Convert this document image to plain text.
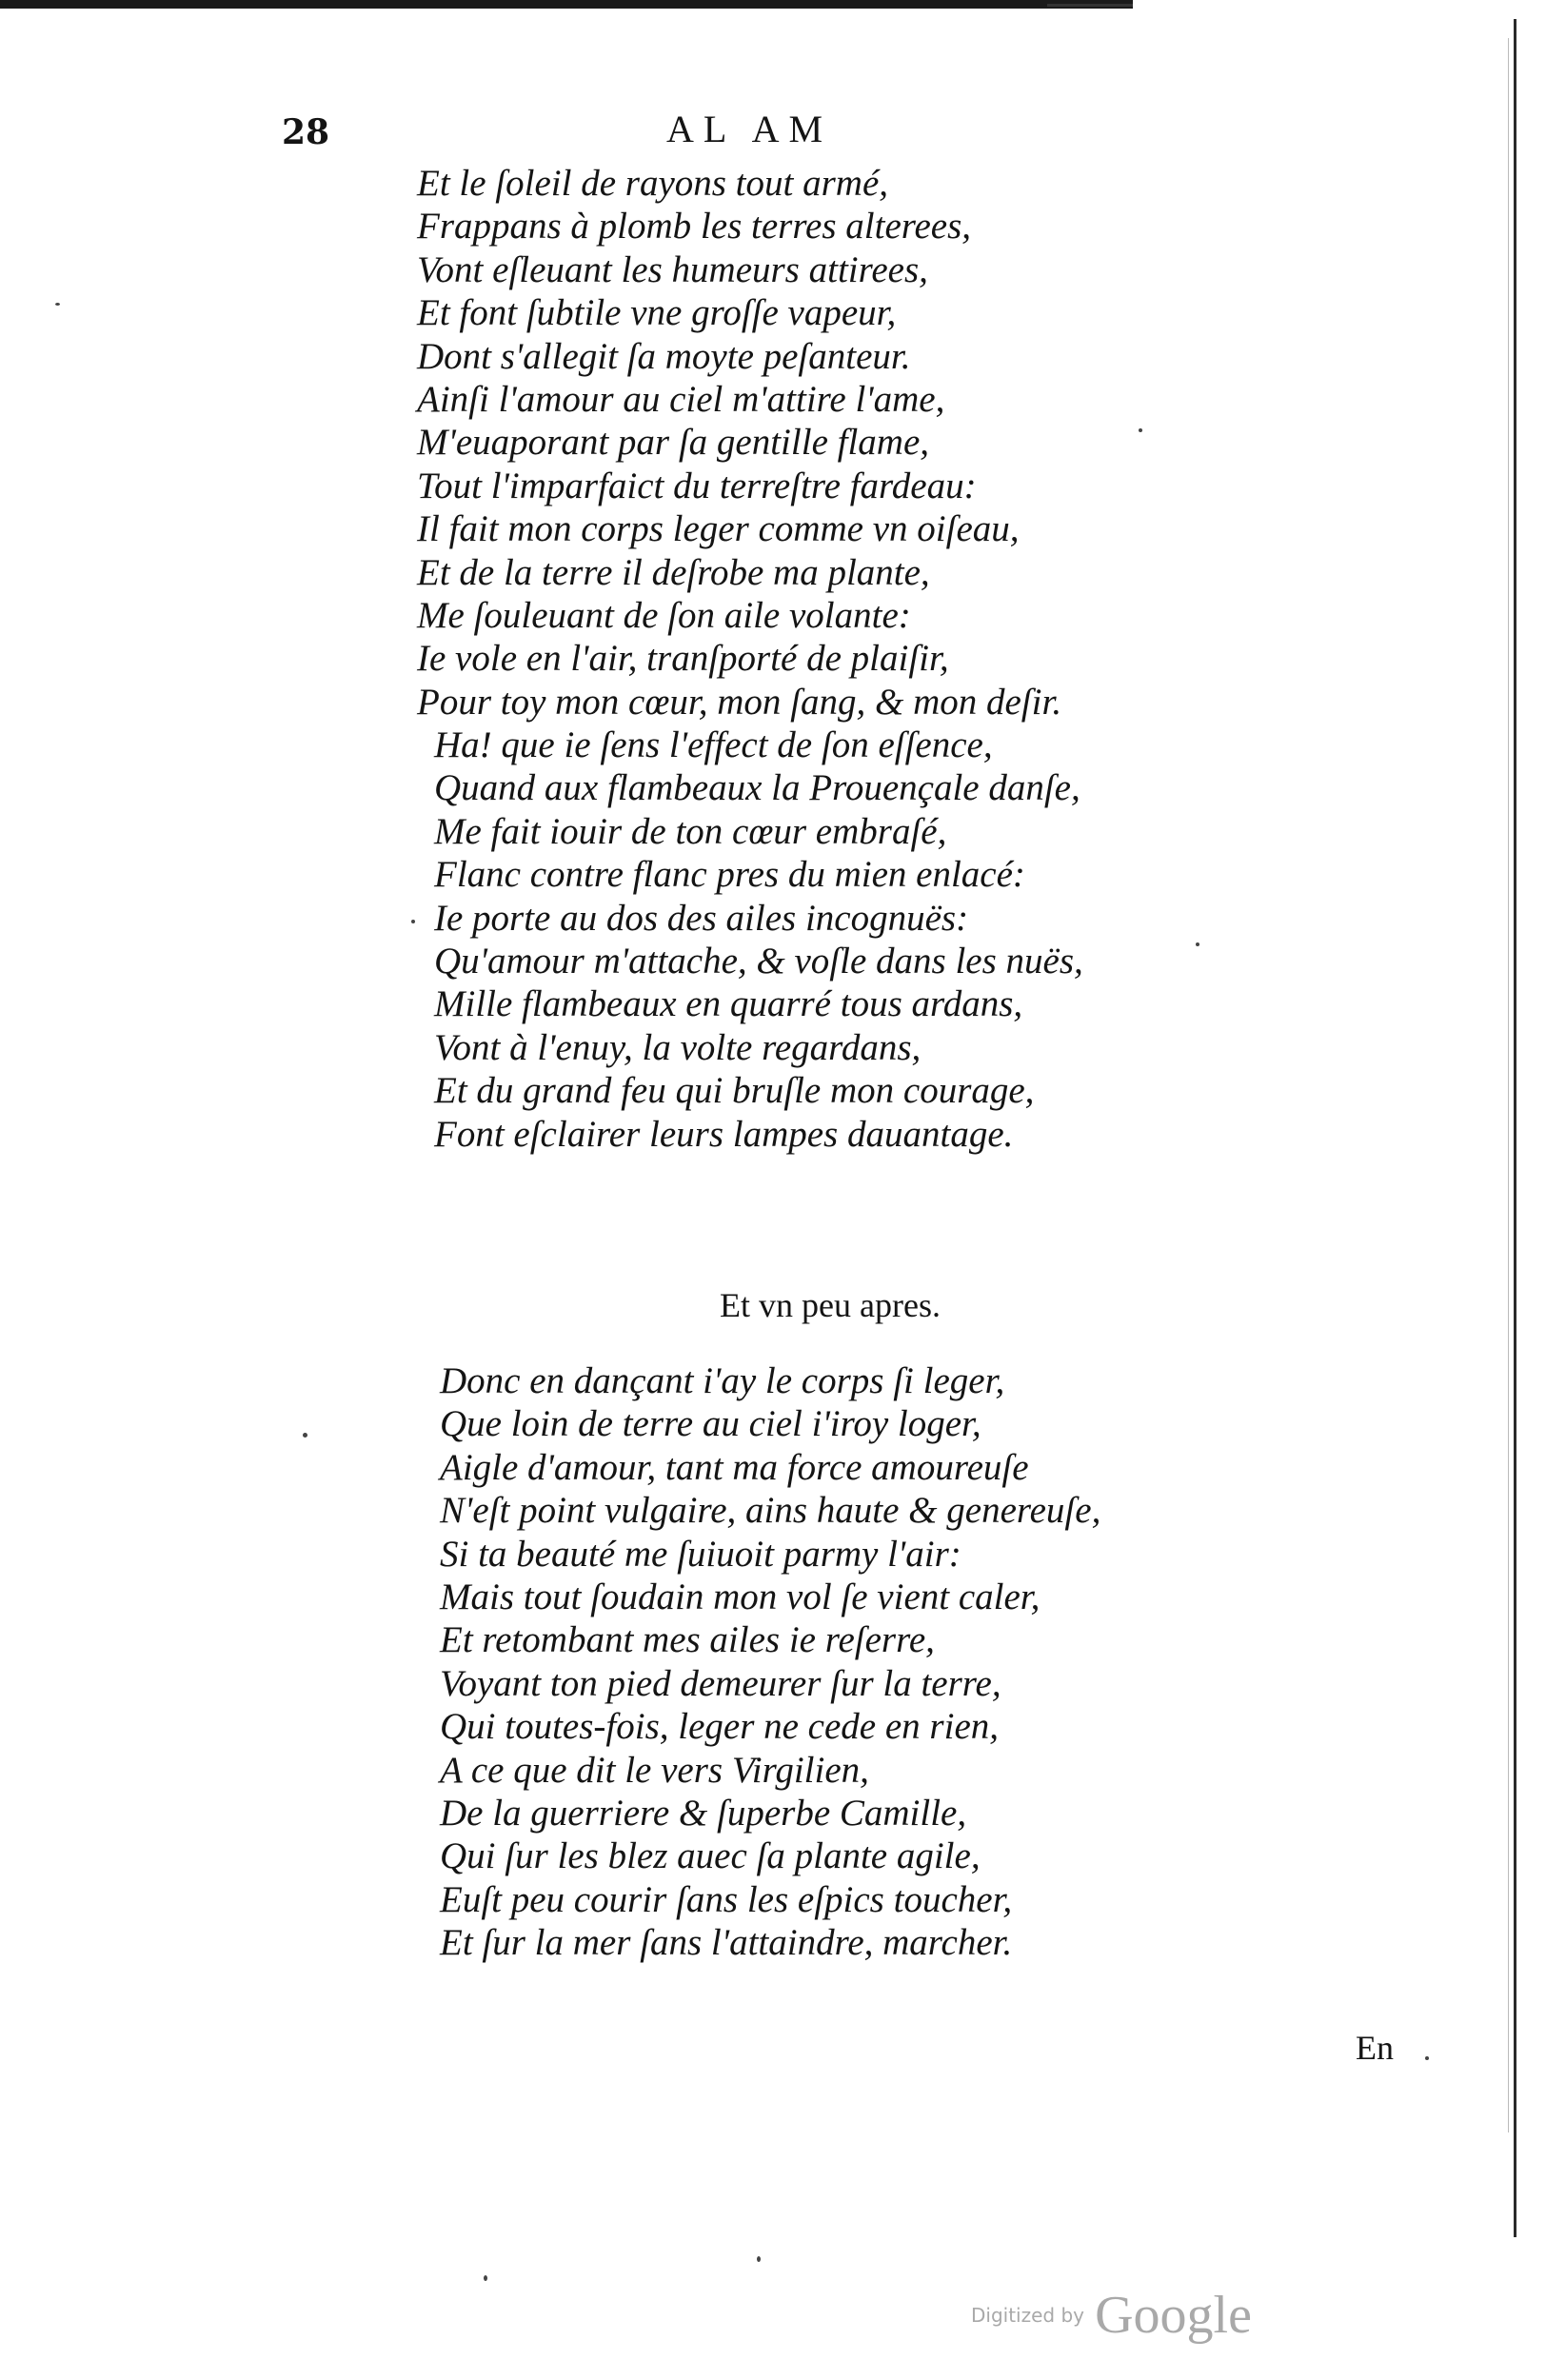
28	AL AM
Et le ſoleil de rayons tout armé,
Frappans à plomb les terres alterees,
Vont eſleuant les humeurs attirees,
Et font ſubtile vne groſſe vapeur,
Dont s'allegit ſa moyte peſanteur.
Ainſi l'amour au ciel m'attire l'ame,
M'euaporant par ſa gentille flame,
Tout l'imparfaict du terreſtre fardeau:
Il fait mon corps leger comme vn oiſeau,
Et de la terre il deſrobe ma plante,
Me ſouleuant de ſon aile volante:
Ie vole en l'air, tranſporté de plaiſir,
Pour toy mon cœur, mon ſang, & mon deſir.
Ha! que ie ſens l'effect de ſon eſſence,
Quand aux flambeaux la Prouençale danſe,
Me fait iouir de ton cœur embraſé,
Flanc contre flanc pres du mien enlacé:
Ie porte au dos des ailes incognuës:
Qu'amour m'attache, & voſle dans les nuës,
Mille flambeaux en quarré tous ardans,
Vont à l'enuy, la volte regardans,
Et du grand feu qui bruſle mon courage,
Font eſclairer leurs lampes dauantage.
Et vn peu apres.
Donc en dançant i'ay le corps ſi leger,
Que loin de terre au ciel i'iroy loger,
Aigle d'amour, tant ma force amoureuſe
N'eſt point vulgaire, ains haute & genereuſe,
Si ta beauté me ſuiuoit parmy l'air:
Mais tout ſoudain mon vol ſe vient caler,
Et retombant mes ailes ie reſerre,
Voyant ton pied demeurer ſur la terre,
Qui toutes-fois, leger ne cede en rien,
A ce que dit le vers Virgilien,
De la guerriere & ſuperbe Camille,
Qui ſur les blez auec ſa plante agile,
Euſt peu courir ſans les eſpics toucher,
Et ſur la mer ſans l'attaindre, marcher.
En
Digitized by Google
